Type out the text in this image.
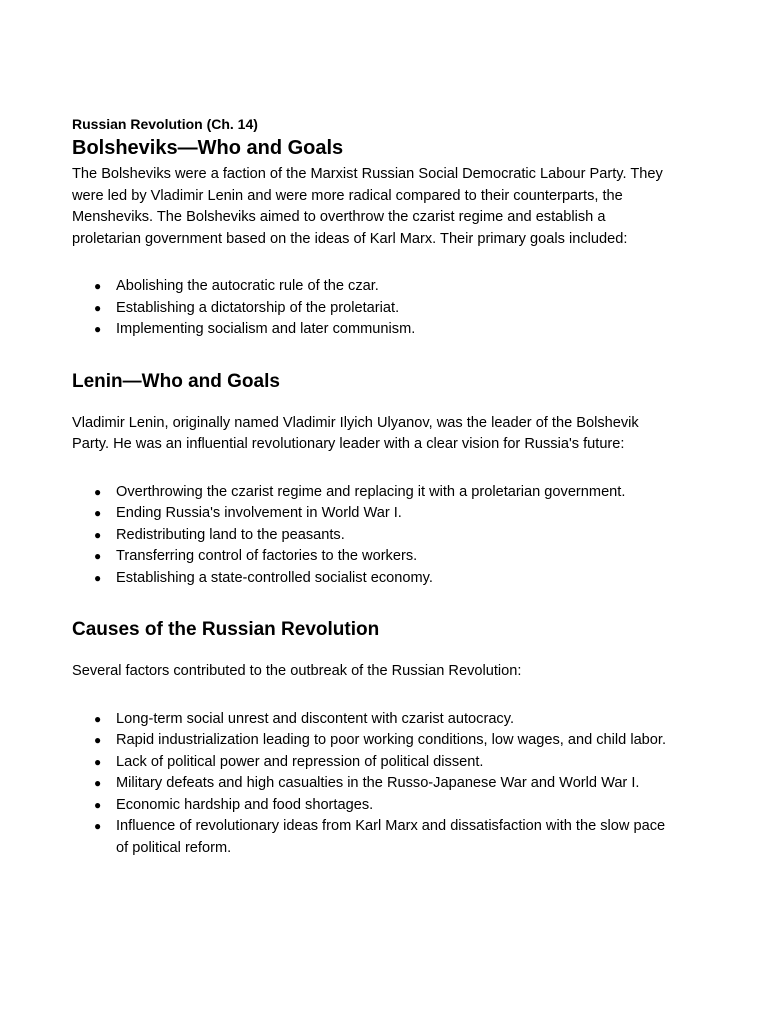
Russian Revolution (Ch. 14)
Bolsheviks—Who and Goals

The Bolsheviks were a faction of the Marxist Russian Social Democratic Labour Party. They were led by Vladimir Lenin and were more radical compared to their counterparts, the Mensheviks. The Bolsheviks aimed to overthrow the czarist regime and establish a proletarian government based on the ideas of Karl Marx. Their primary goals included:

● Abolishing the autocratic rule of the czar.
● Establishing a dictatorship of the proletariat.
● Implementing socialism and later communism.
Lenin—Who and Goals

Vladimir Lenin, originally named Vladimir Ilyich Ulyanov, was the leader of the Bolshevik Party. He was an influential revolutionary leader with a clear vision for Russia's future:

● Overthrowing the czarist regime and replacing it with a proletarian government.
● Ending Russia's involvement in World War I.
● Redistributing land to the peasants.
● Transferring control of factories to the workers.
● Establishing a state-controlled socialist economy.
Causes of the Russian Revolution

Several factors contributed to the outbreak of the Russian Revolution:

● Long-term social unrest and discontent with czarist autocracy.
● Rapid industrialization leading to poor working conditions, low wages, and child labor.
● Lack of political power and repression of political dissent.
● Military defeats and high casualties in the Russo-Japanese War and World War I.
● Economic hardship and food shortages.
● Influence of revolutionary ideas from Karl Marx and dissatisfaction with the slow pace of political reform.
